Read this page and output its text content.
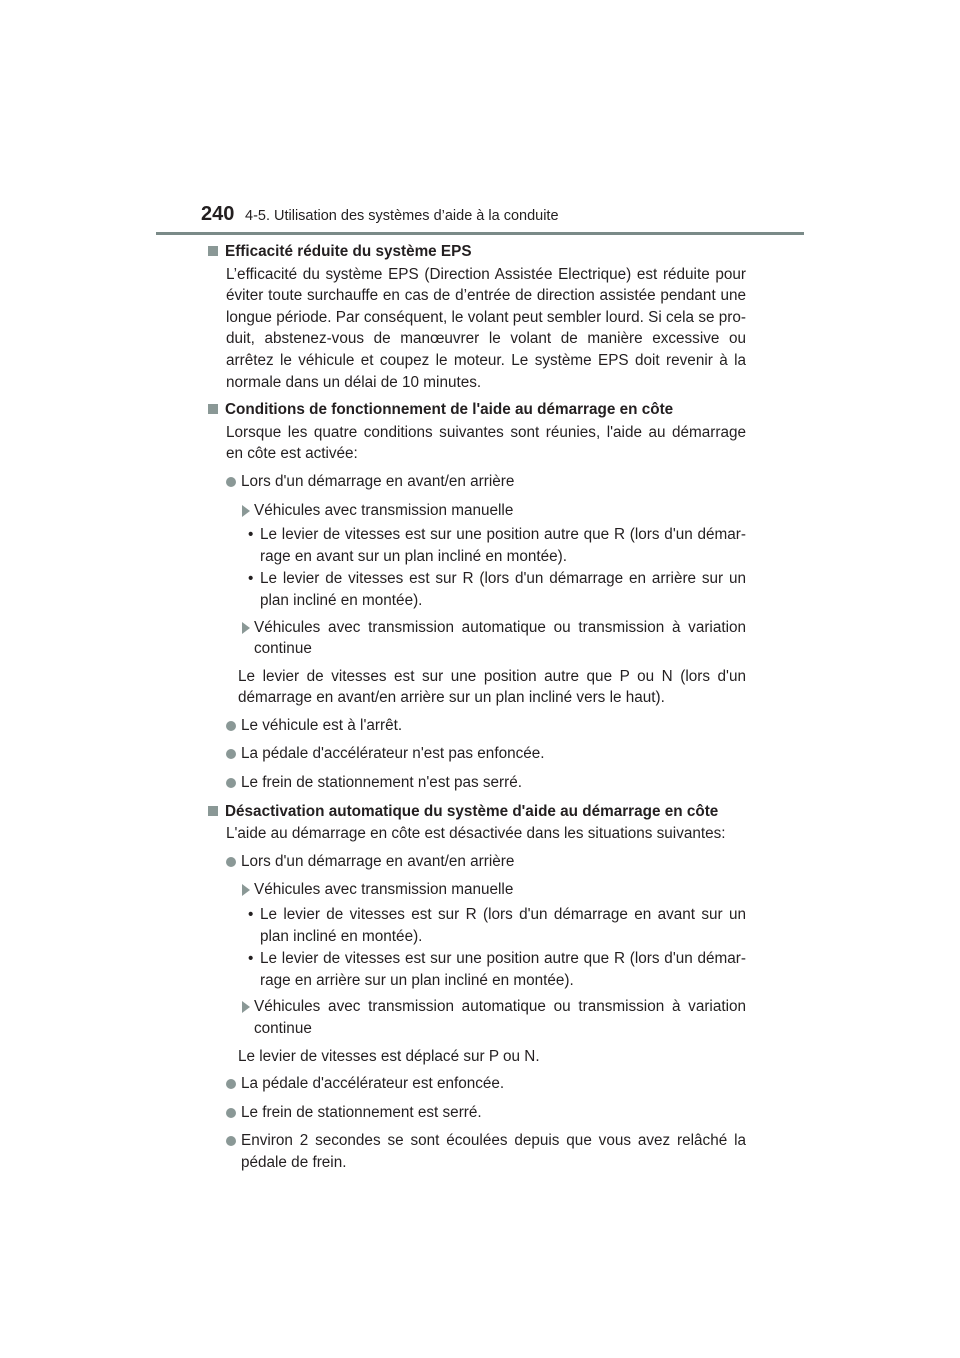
240 4-5. Utilisation des systèmes d’aide à la conduite
Efficacité réduite du système EPS

L’efficacité du système EPS (Direction Assistée Electrique) est réduite pour éviter toute surchauffe en cas de d’entrée de direction assistée pendant une longue période. Par conséquent, le volant peut sembler lourd. Si cela se pro-duit, abstenez-vous de manœuvrer le volant de manière excessive ou arrêtez le véhicule et coupez le moteur. Le système EPS doit revenir à la normale dans un délai de 10 minutes.

Conditions de fonctionnement de l'aide au démarrage en côte

Lorsque les quatre conditions suivantes sont réunies, l'aide au démarrage en côte est activée:

Lors d'un démarrage en avant/en arrière
Véhicules avec transmission manuelle
• Le levier de vitesses est sur une position autre que R (lors d'un démar-rage en avant sur un plan incliné en montée).
• Le levier de vitesses est sur R (lors d'un démarrage en arrière sur un plan incliné en montée).
Véhicules avec transmission automatique ou transmission à variation continue

Le levier de vitesses est sur une position autre que P ou N (lors d'un démarrage en avant/en arrière sur un plan incliné vers le haut).

Le véhicule est à l'arrêt.
La pédale d'accélérateur n'est pas enfoncée.
Le frein de stationnement n'est pas serré.
Désactivation automatique du système d'aide au démarrage en côte

L'aide au démarrage en côte est désactivée dans les situations suivantes:

Lors d'un démarrage en avant/en arrière
Véhicules avec transmission manuelle
• Le levier de vitesses est sur R (lors d'un démarrage en avant sur un plan incliné en montée).
• Le levier de vitesses est sur une position autre que R (lors d'un démar-rage en arrière sur un plan incliné en montée).
Véhicules avec transmission automatique ou transmission à variation continue

Le levier de vitesses est déplacé sur P ou N.

La pédale d'accélérateur est enfoncée.
Le frein de stationnement est serré.
Environ 2 secondes se sont écoulées depuis que vous avez relâché la pédale de frein.
